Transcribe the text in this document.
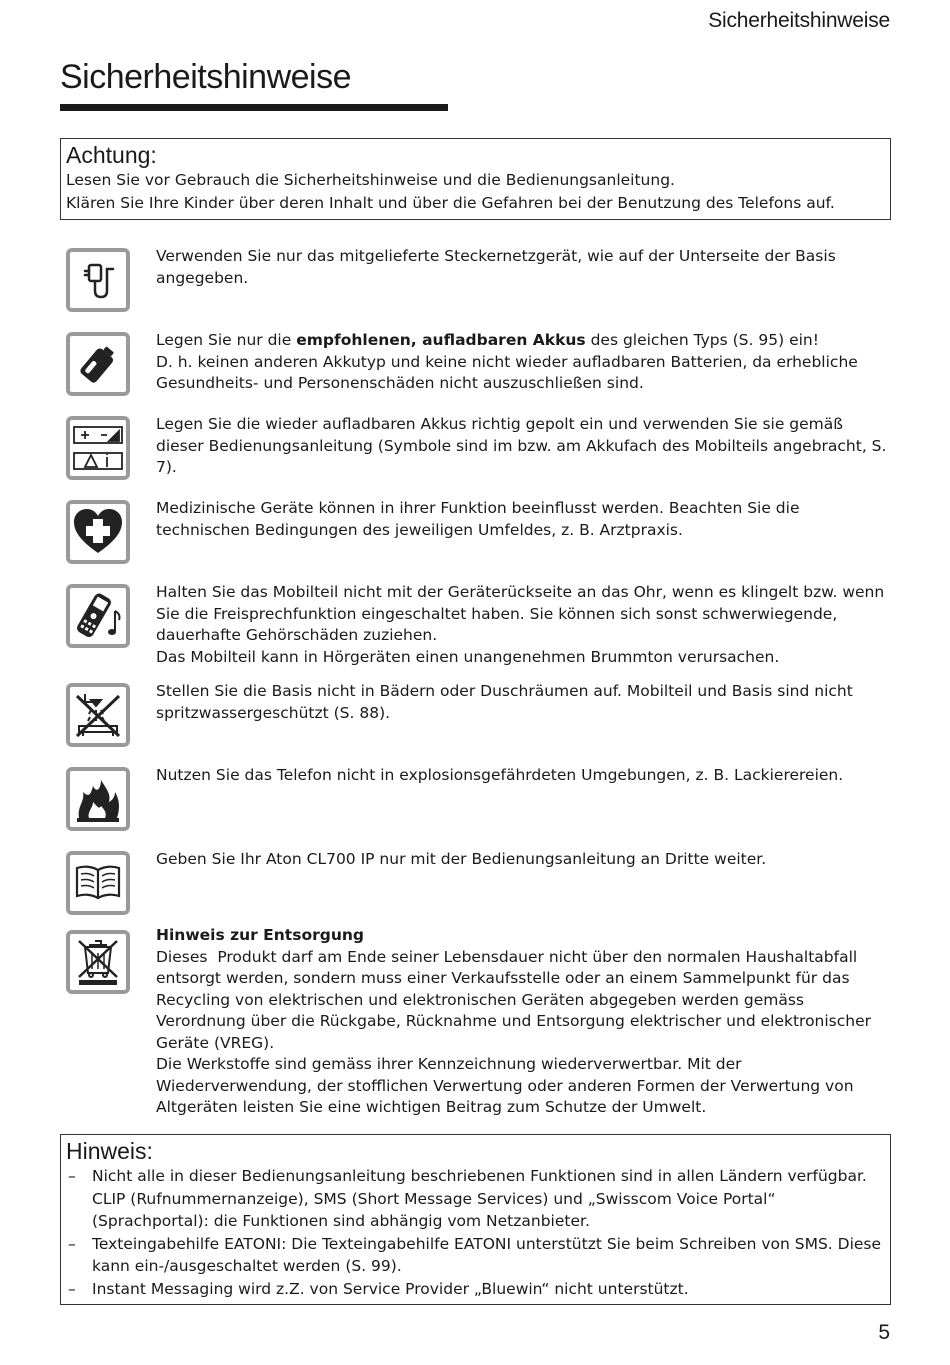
Sicherheitshinweise
Sicherheitshinweise
Achtung:

Lesen Sie vor Gebrauch die Sicherheitshinweise und die Bedienungsanleitung.

Klären Sie Ihre Kinder über deren Inhalt und über die Gefahren bei der Benutzung des Telefons auf.

Verwenden Sie nur das mitgelieferte Steckernetzgerät, wie auf der Unterseite der Basis angegeben.

Legen Sie nur die empfohlenen, aufladbaren Akkus des gleichen Typs (S. 95) ein!

D. h. keinen anderen Akkutyp und keine nicht wieder aufladbaren Batterien, da erhebliche Gesundheits- und Personenschäden nicht auszuschließen sind.

Legen Sie die wieder aufladbaren Akkus richtig gepolt ein und verwenden Sie sie gemäß dieser Bedienungsanleitung (Symbole sind im bzw. am Akkufach des Mobilteils angebracht, S. 7).

Medizinische Geräte können in ihrer Funktion beeinflusst werden. Beachten Sie die technischen Bedingungen des jeweiligen Umfeldes, z. B. Arztpraxis.

Halten Sie das Mobilteil nicht mit der Geräterückseite an das Ohr, wenn es klingelt bzw. wenn Sie die Freisprechfunktion eingeschaltet haben. Sie können sich sonst schwerwiegende, dauerhafte Gehörschäden zuziehen.

Das Mobilteil kann in Hörgeräten einen unangenehmen Brummton verursachen.

Stellen Sie die Basis nicht in Bädern oder Duschräumen auf. Mobilteil und Basis sind nicht spritzwassergeschützt (S. 88).

Nutzen Sie das Telefon nicht in explosionsgefährdeten Umgebungen, z. B. Lackierereien.

Geben Sie Ihr Aton CL700 IP nur mit der Bedienungsanleitung an Dritte weiter.

Hinweis zur Entsorgung

Dieses  Produkt darf am Ende seiner Lebensdauer nicht über den normalen Haushaltabfall entsorgt werden, sondern muss einer Verkaufsstelle oder an einem Sammelpunkt für das Recycling von elektrischen und elektronischen Geräten abgegeben werden gemäss Verordnung über die Rückgabe, Rücknahme und Entsorgung elektrischer und elektronischer Geräte (VREG).

Die Werkstoffe sind gemäss ihrer Kennzeichnung wiederverwertbar. Mit der Wiederverwendung, der stofflichen Verwertung oder anderen Formen der Verwertung von Altgeräten leisten Sie eine wichtigen Beitrag zum Schutze der Umwelt.

Hinweis:
– Nicht alle in dieser Bedienungsanleitung beschriebenen Funktionen sind in allen Ländern verfügbar. CLIP (Rufnummernanzeige), SMS (Short Message Services) und „Swisscom Voice Portal“ (Sprachportal): die Funktionen sind abhängig vom Netzanbieter.
– Texteingabehilfe EATONI: Die Texteingabehilfe EATONI unterstützt Sie beim Schreiben von SMS. Diese kann ein-/ausgeschaltet werden (S. 99).
– Instant Messaging wird z.Z. von Service Provider „Bluewin“ nicht unterstützt.
5
